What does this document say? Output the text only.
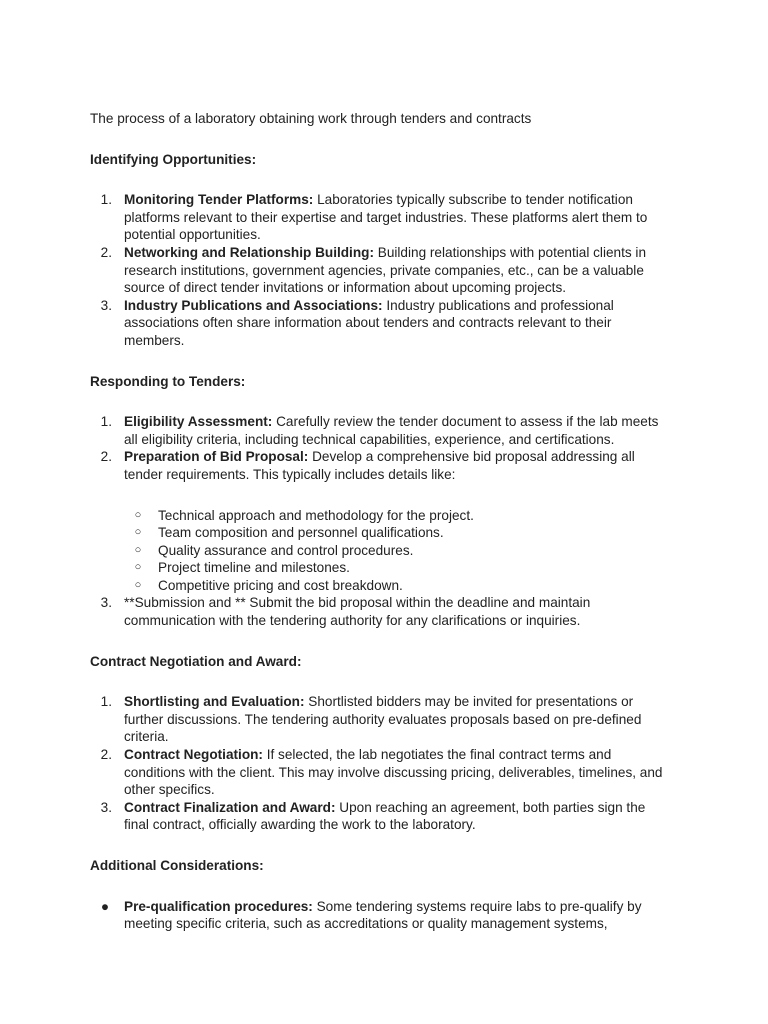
The process of a laboratory obtaining work through tenders and contracts

Identifying Opportunities:
1. Monitoring Tender Platforms: Laboratories typically subscribe to tender notification platforms relevant to their expertise and target industries. These platforms alert them to potential opportunities.
2. Networking and Relationship Building: Building relationships with potential clients in research institutions, government agencies, private companies, etc., can be a valuable source of direct tender invitations or information about upcoming projects.
3. Industry Publications and Associations: Industry publications and professional associations often share information about tenders and contracts relevant to their members.
Responding to Tenders:
1. Eligibility Assessment: Carefully review the tender document to assess if the lab meets all eligibility criteria, including technical capabilities, experience, and certifications.
2. Preparation of Bid Proposal: Develop a comprehensive bid proposal addressing all tender requirements. This typically includes details like:
○ Technical approach and methodology for the project.
○ Team composition and personnel qualifications.
○ Quality assurance and control procedures.
○ Project timeline and milestones.
○ Competitive pricing and cost breakdown.
3. **Submission and ** Submit the bid proposal within the deadline and maintain communication with the tendering authority for any clarifications or inquiries.
Contract Negotiation and Award:
1. Shortlisting and Evaluation: Shortlisted bidders may be invited for presentations or further discussions. The tendering authority evaluates proposals based on pre-defined criteria.
2. Contract Negotiation: If selected, the lab negotiates the final contract terms and conditions with the client. This may involve discussing pricing, deliverables, timelines, and other specifics.
3. Contract Finalization and Award: Upon reaching an agreement, both parties sign the final contract, officially awarding the work to the laboratory.
Additional Considerations:
● Pre-qualification procedures: Some tendering systems require labs to pre-qualify by meeting specific criteria, such as accreditations or quality management systems,
